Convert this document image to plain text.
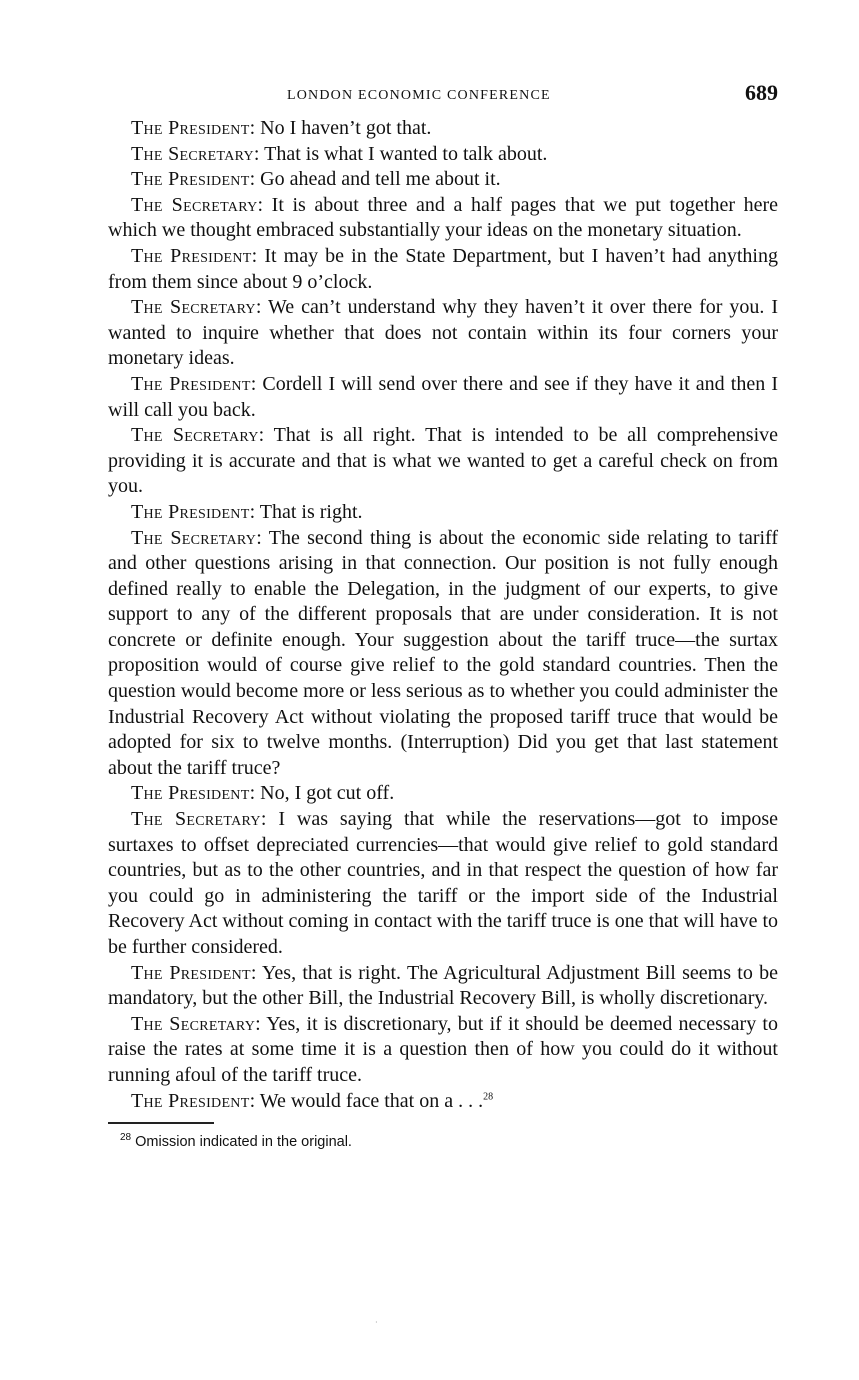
LONDON ECONOMIC CONFERENCE	689

The President: No I haven’t got that.

The Secretary: That is what I wanted to talk about.

The President: Go ahead and tell me about it.

The Secretary: It is about three and a half pages that we put together here which we thought embraced substantially your ideas on the monetary situation.

The President: It may be in the State Department, but I haven’t had anything from them since about 9 o’clock.

The Secretary: We can’t understand why they haven’t it over there for you. I wanted to inquire whether that does not contain within its four corners your monetary ideas.

The President: Cordell I will send over there and see if they have it and then I will call you back.

The Secretary: That is all right. That is intended to be all comprehensive providing it is accurate and that is what we wanted to get a careful check on from you.

The President: That is right.

The Secretary: The second thing is about the economic side relating to tariff and other questions arising in that connection. Our position is not fully enough defined really to enable the Delegation, in the judgment of our experts, to give support to any of the different proposals that are under consideration. It is not concrete or definite enough. Your suggestion about the tariff truce—the surtax proposition would of course give relief to the gold standard countries. Then the question would become more or less serious as to whether you could administer the Industrial Recovery Act without violating the proposed tariff truce that would be adopted for six to twelve months. (Interruption) Did you get that last statement about the tariff truce?

The President: No, I got cut off.

The Secretary: I was saying that while the reservations—got to impose surtaxes to offset depreciated currencies—that would give relief to gold standard countries, but as to the other countries, and in that respect the question of how far you could go in administering the tariff or the import side of the Industrial Recovery Act without coming in contact with the tariff truce is one that will have to be further considered.

The President: Yes, that is right. The Agricultural Adjustment Bill seems to be mandatory, but the other Bill, the Industrial Recovery Bill, is wholly discretionary.

The Secretary: Yes, it is discretionary, but if it should be deemed necessary to raise the rates at some time it is a question then of how you could do it without running afoul of the tariff truce.

The President: We would face that on a . . .$^{28}$

$^{28}$ Omission indicated in the original.
·
